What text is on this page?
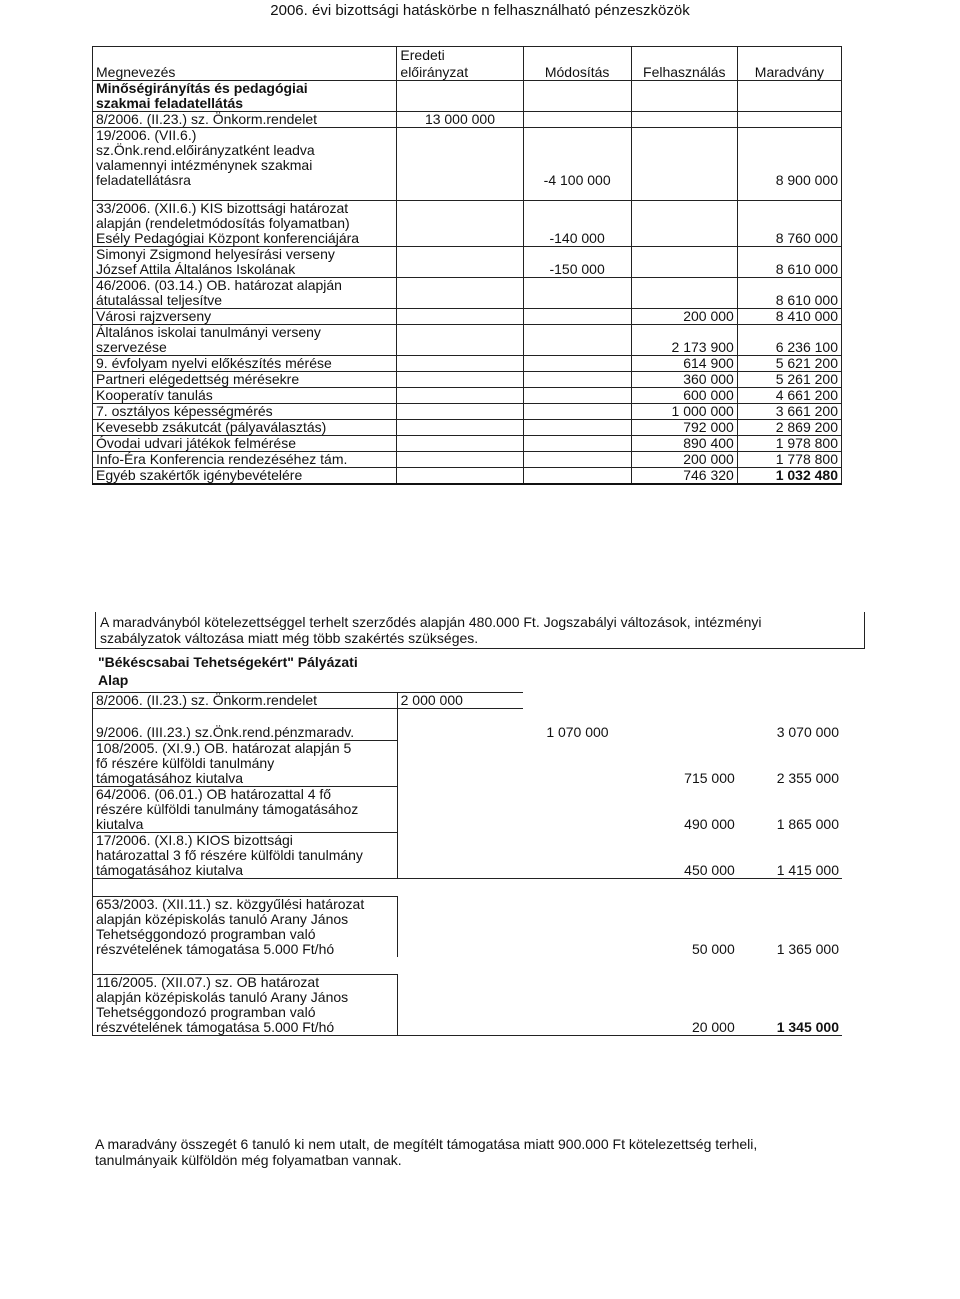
2006. évi bizottsági hatáskörbe n felhasználható pénzeszközök
	Eredeti			
Megnevezés	előirányzat	Módosítás	Felhasználás	Maradvány
Minőségirányítás és pedagógiai
szakmai feladatellátás				
8/2006. (II.23.) sz. Önkorm.rendelet	13 000 000			
19/2006. (VII.6.)
sz.Önk.rend.előirányzatként leadva
valamennyi intézménynek szakmai
feladatellátásra		-4 100 000		8 900 000

33/2006. (XII.6.) KIS bizottsági határozat
alapján (rendeletmódosítás folyamatban)
Esély Pedagógiai Központ konferenciájára		-140 000		8 760 000
Simonyi Zsigmond helyesírási verseny
József Attila Általános Iskolának		-150 000		8 610 000
46/2006. (03.14.) OB. határozat alapján
átutalással teljesítve				8 610 000
Városi rajzverseny			200 000	8 410 000
Általános iskolai tanulmányi verseny
szervezése			2 173 900	6 236 100
9. évfolyam nyelvi előkészítés mérése			614 900	5 621 200
Partneri elégedettség mérésekre			360 000	5 261 200
Kooperatív tanulás			600 000	4 661 200
7. osztályos képességmérés			1 000 000	3 661 200
Kevesebb zsákutcát (pályaválasztás)			792 000	2 869 200
Óvodai udvari játékok felmérése			890 400	1 978 800
Info-Éra Konferencia rendezéséhez tám.			200 000	1 778 800
Egyéb szakértők igénybevételére			746 320	1 032 480
A maradványból kötelezettséggel terhelt szerződés alapján 480.000 Ft. Jogszabályi változások, intézményi
szabályzatok változása miatt még több szakértés szükséges.
"Békéscsabai Tehetségekért" Pályázati
Alap
8/2006. (II.23.) sz. Önkorm.rendelet	2 000 000			

9/2006. (III.23.) sz.Önk.rend.pénzmaradv.		1 070 000		3 070 000
108/2005. (XI.9.) OB. határozat alapján 5
fő részére külföldi tanulmány
támogatásához kiutalva			715 000	2 355 000
64/2006. (06.01.) OB határozattal 4 fő
részére külföldi tanulmány támogatásához
kiutalva			490 000	1 865 000
17/2006. (XI.8.) KIOS bizottsági
határozattal 3 fő részére külföldi tanulmány
támogatásához kiutalva			450 000	1 415 000

653/2003. (XII.11.) sz. közgyűlési határozat
alapján középiskolás tanuló Arany János
Tehetséggondozó programban való
részvételének támogatása 5.000 Ft/hó			50 000	1 365 000

116/2005. (XII.07.) sz. OB határozat
alapján középiskolás tanuló Arany János
Tehetséggondozó programban való
részvételének támogatása 5.000 Ft/hó			20 000	1 345 000
A maradvány összegét 6 tanuló ki nem utalt, de megítélt támogatása miatt 900.000 Ft kötelezettség terheli,
tanulmányaik külföldön még folyamatban vannak.
